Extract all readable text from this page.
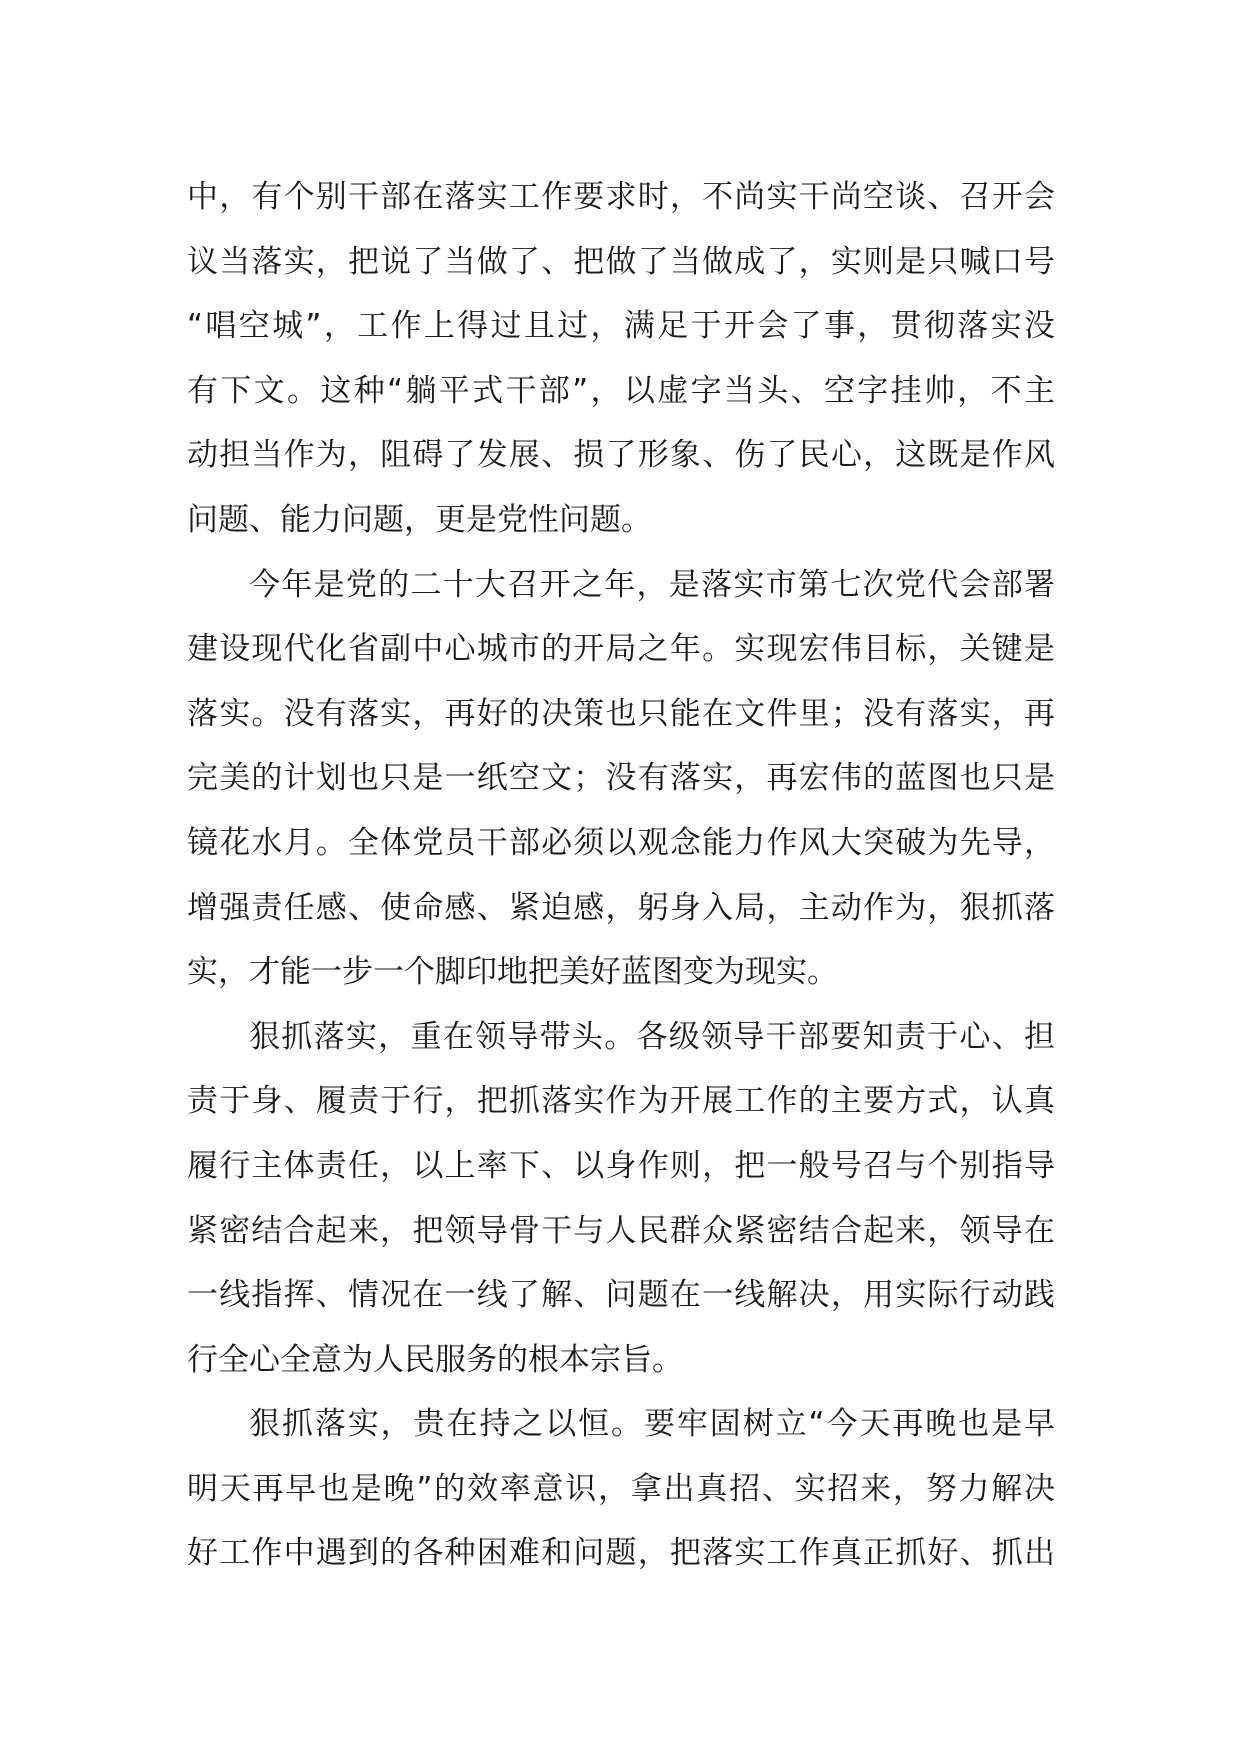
中，有个别干部在落实工作要求时，不尚实干尚空谈、召开会
议当落实，把说了当做了、把做了当做成了，实则是只喊口号
“唱空城”，工作上得过且过，满足于开会了事，贯彻落实没
有下文。这种“躺平式干部”，以虚字当头、空字挂帅，不主
动担当作为，阻碍了发展、损了形象、伤了民心，这既是作风
问题、能力问题，更是党性问题。
今年是党的二十大召开之年，是落实市第七次党代会部署
建设现代化省副中心城市的开局之年。实现宏伟目标，关键是
落实。没有落实，再好的决策也只能在文件里；没有落实，再
完美的计划也只是一纸空文；没有落实，再宏伟的蓝图也只是
镜花水月。全体党员干部必须以观念能力作风大突破为先导，
增强责任感、使命感、紧迫感，躬身入局，主动作为，狠抓落
实，才能一步一个脚印地把美好蓝图变为现实。
狠抓落实，重在领导带头。各级领导干部要知责于心、担
责于身、履责于行，把抓落实作为开展工作的主要方式，认真
履行主体责任，以上率下、以身作则，把一般号召与个别指导
紧密结合起来，把领导骨干与人民群众紧密结合起来，领导在
一线指挥、情况在一线了解、问题在一线解决，用实际行动践
行全心全意为人民服务的根本宗旨。
狠抓落实，贵在持之以恒。要牢固树立“今天再晚也是早
明天再早也是晚”的效率意识，拿出真招、实招来，努力解决
好工作中遇到的各种困难和问题，把落实工作真正抓好、抓出
